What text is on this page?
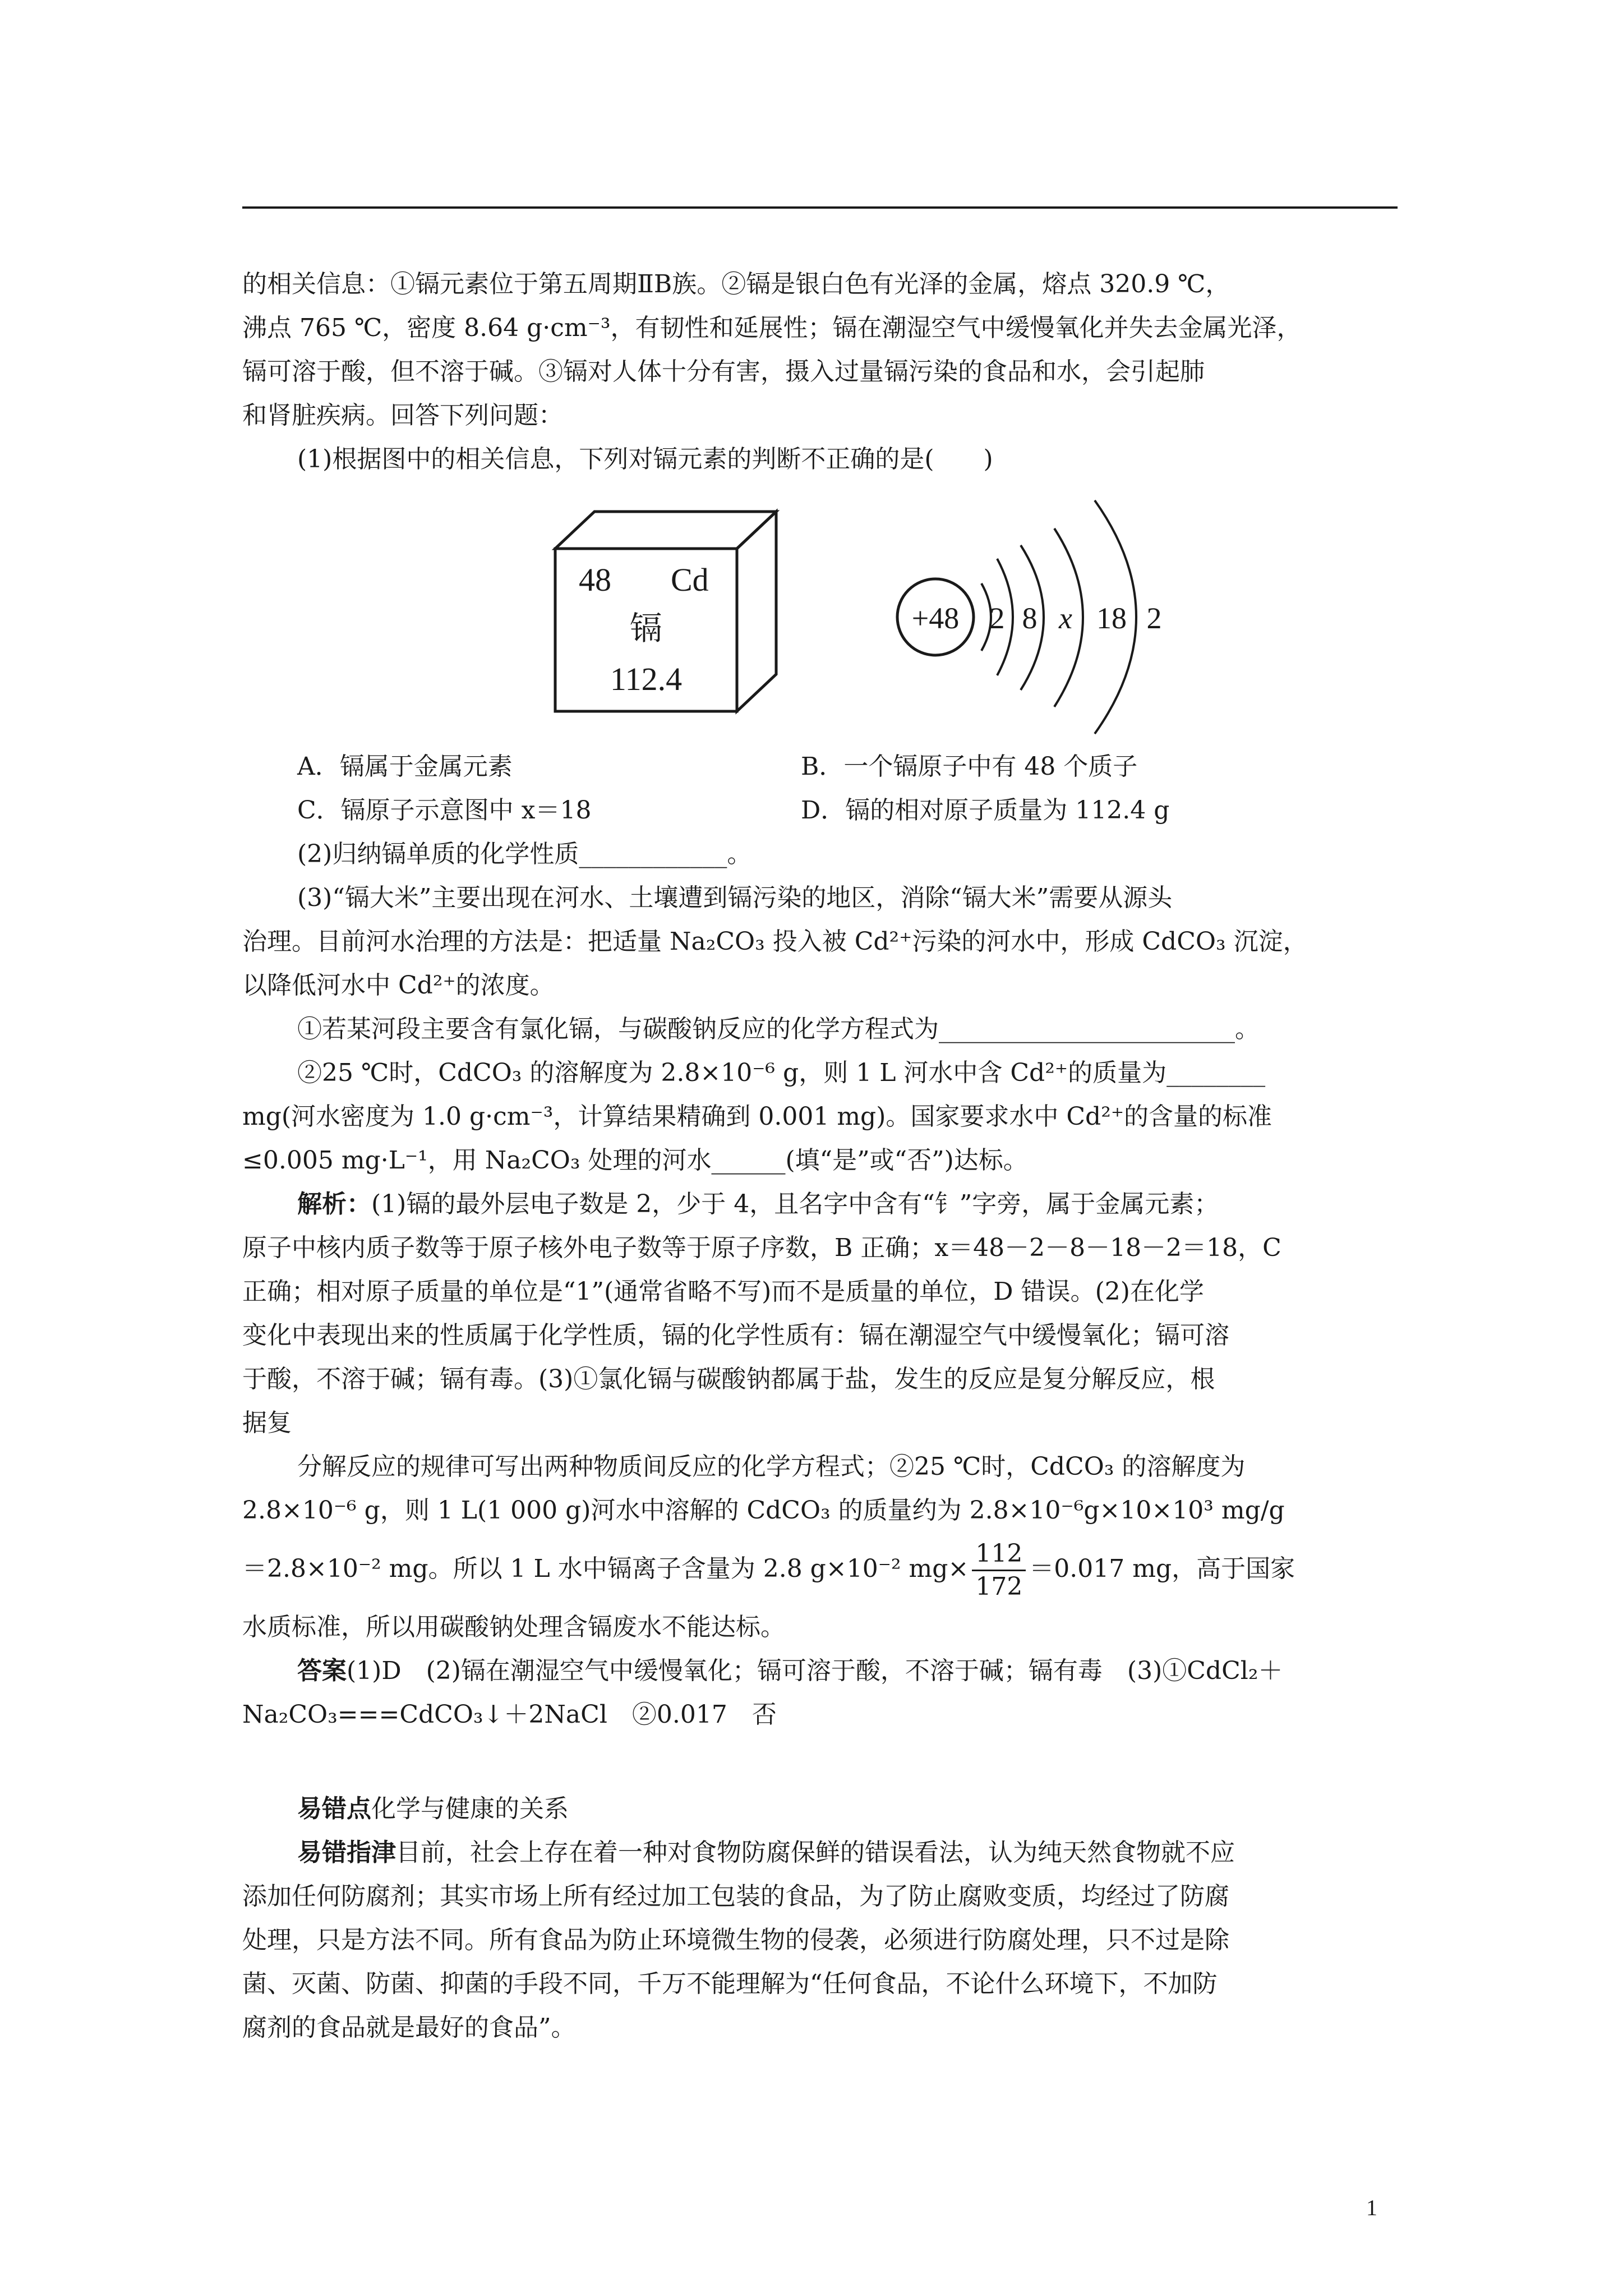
的相关信息：①镉元素位于第五周期ⅡB族。②镉是银白色有光泽的金属，熔点 320.9 ℃，

沸点 765 ℃，密度 8.64 g·cm⁻³，有韧性和延展性；镉在潮湿空气中缓慢氧化并失去金属光泽，

镉可溶于酸，但不溶于碱。③镉对人体十分有害，摄入过量镉污染的食品和水，会引起肺

和肾脏疾病。回答下列问题：

(1)根据图中的相关信息，下列对镉元素的判断不正确的是(　　)

48 Cd
镉
112.4
+48 2 8 x 18 2
A．镉属于金属元素	B．一个镉原子中有 48 个质子
C．镉原子示意图中 x＝18	D．镉的相对原子质量为 112.4 g

(2)归纳镉单质的化学性质____________。

(3)“镉大米”主要出现在河水、土壤遭到镉污染的地区，消除“镉大米”需要从源头

治理。目前河水治理的方法是：把适量 Na₂CO₃ 投入被 Cd²⁺污染的河水中，形成 CdCO₃ 沉淀，

以降低河水中 Cd²⁺的浓度。

①若某河段主要含有氯化镉，与碳酸钠反应的化学方程式为________________________。

②25 ℃时，CdCO₃ 的溶解度为 2.8×10⁻⁶ g，则 1 L 河水中含 Cd²⁺的质量为________

mg(河水密度为 1.0 g·cm⁻³，计算结果精确到 0.001 mg)。国家要求水中 Cd²⁺的含量的标准

≤0.005 mg·L⁻¹，用 Na₂CO₃ 处理的河水______(填“是”或“否”)达标。

解析：(1)镉的最外层电子数是 2，少于 4，且名字中含有“钅”字旁，属于金属元素；

原子中核内质子数等于原子核外电子数等于原子序数，B 正确；x＝48－2－8－18－2＝18，C

正确；相对原子质量的单位是“1”(通常省略不写)而不是质量的单位，D 错误。(2)在化学

变化中表现出来的性质属于化学性质，镉的化学性质有：镉在潮湿空气中缓慢氧化；镉可溶

于酸，不溶于碱；镉有毒。(3)①氯化镉与碳酸钠都属于盐，发生的反应是复分解反应，根

据复

分解反应的规律可写出两种物质间反应的化学方程式；②25 ℃时，CdCO₃ 的溶解度为

2.8×10⁻⁶ g，则 1 L(1 000 g)河水中溶解的 CdCO₃ 的质量约为 2.8×10⁻⁶g×10×10³ mg/g

＝2.8×10⁻² mg。所以 1 L 水中镉离子含量为 2.8 g×10⁻² $mg\times \frac{112}{172} =0.017$ mg，高于国家

水质标准，所以用碳酸钠处理含镉废水不能达标。

答案(1)D　(2)镉在潮湿空气中缓慢氧化；镉可溶于酸，不溶于碱；镉有毒　(3)①CdCl₂＋

Na₂CO₃===CdCO₃↓＋2NaCl　②0.017　否

易错点化学与健康的关系

易错指津目前，社会上存在着一种对食物防腐保鲜的错误看法，认为纯天然食物就不应

添加任何防腐剂；其实市场上所有经过加工包装的食品，为了防止腐败变质，均经过了防腐

处理，只是方法不同。所有食品为防止环境微生物的侵袭，必须进行防腐处理，只不过是除

菌、灭菌、防菌、抑菌的手段不同，千万不能理解为“任何食品，不论什么环境下，不加防

腐剂的食品就是最好的食品”。

1
